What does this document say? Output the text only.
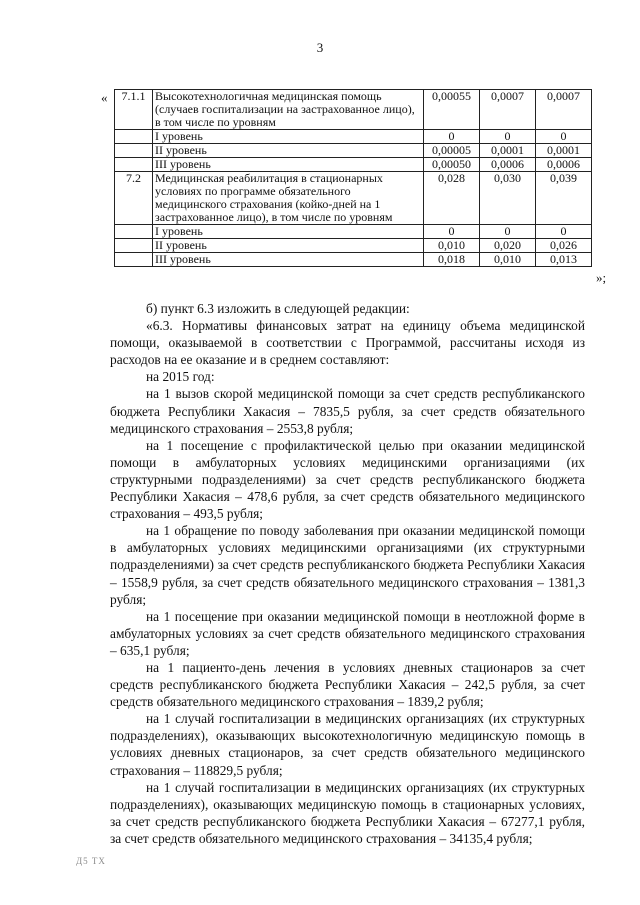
3
« 7.1.1	Высокотехнологичная медицинская помощь (случаев госпитализации на застрахованное лицо), в том числе по уровням	0,00055	0,0007	0,0007
	I уровень	0	0	0
	II уровень	0,00005	0,0001	0,0001
	III уровень	0,00050	0,0006	0,0006
7.2	Медицинская реабилитация в стационарных условиях по программе обязательного медицинского страхования (койко-дней на 1 застрахованное лицо), в том числе по уровням	0,028	0,030	0,039
	I уровень	0	0	0
	II уровень	0,010	0,020	0,026
	III уровень	0,018	0,010	0,013
»;

б) пункт 6.3 изложить в следующей редакции:

«6.3. Нормативы финансовых затрат на единицу объема медицинской помощи, оказываемой в соответствии с Программой, рассчитаны исходя из расходов на ее оказание и в среднем составляют:

на 2015 год:

на 1 вызов скорой медицинской помощи за счет средств республиканского бюджета Республики Хакасия – 7835,5 рубля, за счет средств обязательного медицинского страхования – 2553,8 рубля;

на 1 посещение с профилактической целью при оказании медицинской помощи в амбулаторных условиях медицинскими организациями (их структурными подразделениями) за счет средств республиканского бюджета Республики Хакасия – 478,6 рубля, за счет средств обязательного медицинского страхования – 493,5 рубля;

на 1 обращение по поводу заболевания при оказании медицинской помощи в амбулаторных условиях медицинскими организациями (их структурными подразделениями) за счет средств республиканского бюджета Республики Хакасия – 1558,9 рубля, за счет средств обязательного медицинского страхования – 1381,3 рубля;

на 1 посещение при оказании медицинской помощи в неотложной форме в амбулаторных условиях за счет средств обязательного медицинского страхования – 635,1 рубля;

на 1 пациенто-день лечения в условиях дневных стационаров за счет средств республиканского бюджета Республики Хакасия – 242,5 рубля, за счет средств обязательного медицинского страхования – 1839,2 рубля;

на 1 случай госпитализации в медицинских организациях (их структурных подразделениях), оказывающих высокотехнологичную медицинскую помощь в условиях дневных стационаров, за счет средств обязательного медицинского страхования – 118829,5 рубля;

на 1 случай госпитализации в медицинских организациях (их структурных подразделениях), оказывающих медицинскую помощь в стационарных условиях, за счет средств республиканского бюджета Республики Хакасия – 67277,1 рубля, за счет средств обязательного медицинского страхования – 34135,4 рубля;

Д5 ТХ
